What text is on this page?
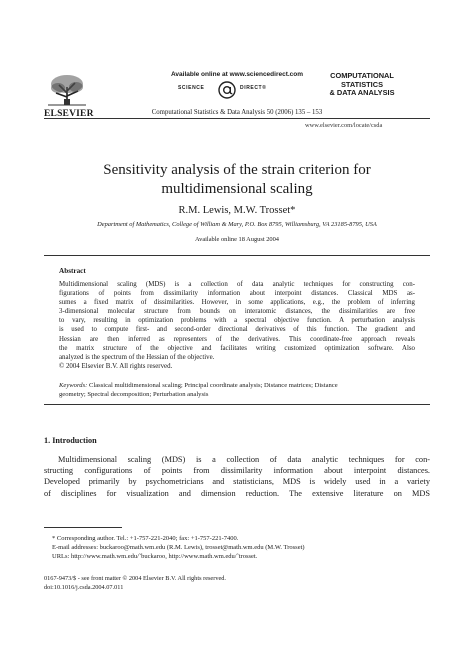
ELSEVIER
Available online at www.sciencedirect.com
SCIENCE	DIRECT®
Computational Statistics & Data Analysis 50 (2006) 135 – 153
COMPUTATIONAL
STATISTICS
& DATA ANALYSIS
www.elsevier.com/locate/csda
Sensitivity analysis of the strain criterion for
multidimensional scaling
R.M. Lewis, M.W. Trosset*
Department of Mathematics, College of William & Mary, P.O. Box 8795, Williamsburg, VA 23185-8795, USA
Available online 18 August 2004
Abstract
Multidimensional scaling (MDS) is a collection of data analytic techniques for constructing con-
figurations of points from dissimilarity information about interpoint distances. Classical MDS as-
sumes a fixed matrix of dissimilarities. However, in some applications, e.g., the problem of inferring
3-dimensional molecular structure from bounds on interatomic distances, the dissimilarities are free
to vary, resulting in optimization problems with a spectral objective function. A perturbation analysis
is used to compute first- and second-order directional derivatives of this function. The gradient and
Hessian are then inferred as representers of the derivatives. This coordinate-free approach reveals
the matrix structure of the objective and facilitates writing customized optimization software. Also
analyzed is the spectrum of the Hessian of the objective.
© 2004 Elsevier B.V. All rights reserved.
Keywords: Classical multidimensional scaling; Principal coordinate analysis; Distance matrices; Distance
geometry; Spectral decomposition; Perturbation analysis
1. Introduction
Multidimensional scaling (MDS) is a collection of data analytic techniques for con-
structing configurations of points from dissimilarity information about interpoint distances.
Developed primarily by psychometricians and statisticians, MDS is widely used in a variety
of disciplines for visualization and dimension reduction. The extensive literature on MDS
* Corresponding author. Tel.: +1-757-221-2040; fax: +1-757-221-7400.
E-mail addresses: buckaroo@math.wm.edu (R.M. Lewis), trosset@math.wm.edu (M.W. Trosset)
URLs: http://www.math.wm.edu/˜buckaroo, http://www.math.wm.edu/˜trosset.
0167-9473/$ - see front matter © 2004 Elsevier B.V. All rights reserved.
doi:10.1016/j.csda.2004.07.011
